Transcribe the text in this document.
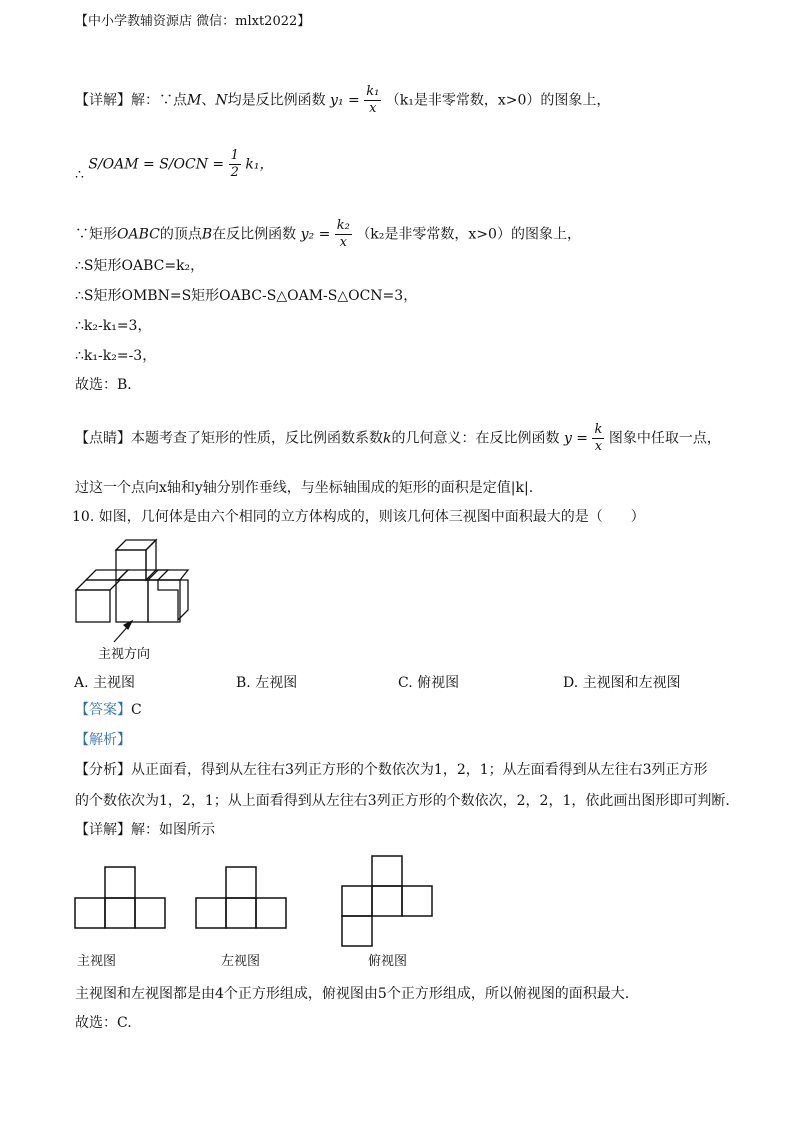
【中小学教辅资源店 微信：mlxt2022】
【详解】解：∵点M、N均是反比例函数 $y_1 = \frac{\text{k₁}}{x} (k_1$是非零常数，x>0）的图象上，
∴ $S/OAM = S/OCN = \frac{1}{2} k_1$，
∵矩形OABC的顶点B在反比例函数 $y_2 = \frac{\text{k₂}}{x} (k_2$是非零常数，x>0）的图象上，
∴S矩形OABC=k₂，
∴S矩形OMBN=S矩形OABC-S△OAM-S△OCN=3，
∴k₂-k₁=3，
∴k₁-k₂=-3，
故选：B．
【点睛】本题考查了矩形的性质，反比例函数系数k的几何意义：在反比例函数 $y = \frac{k}{x}$ 图象中任取一点，
过这一个点向x轴和y轴分别作垂线，与坐标轴围成的矩形的面积是定值|k|.
10. 如图，几何体是由六个相同的立方体构成的，则该几何体三视图中面积最大的是（　　）
主视方向
A. 主视图	B. 左视图	C. 俯视图	D. 主视图和左视图
【答案】C
【解析】
【分析】从正面看，得到从左往右3列正方形的个数依次为1，2，1；从左面看得到从左往右3列正方形
的个数依次为1，2，1；从上面看得到从左往右3列正方形的个数依次，2，2，1，依此画出图形即可判断.
【详解】解：如图所示
主视图	左视图	俯视图
主视图和左视图都是由4个正方形组成，俯视图由5个正方形组成，所以俯视图的面积最大.
故选：C.
